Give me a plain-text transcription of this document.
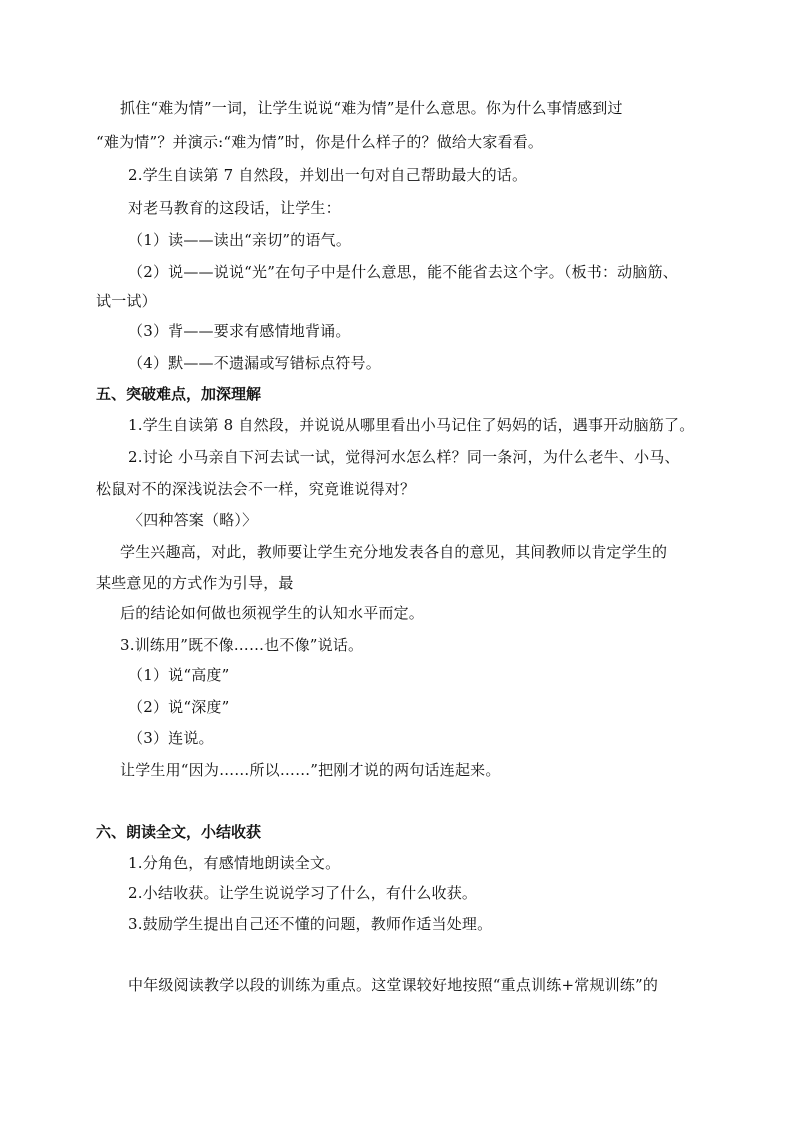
抓住“难为情”一词，让学生说说“难为情”是什么意思。你为什么事情感到过
“难为情”？并演示:“难为情”时，你是什么样子的？做给大家看看。
2.学生自读第 7 自然段，并划出一句对自己帮助最大的话。
对老马教育的这段话，让学生：
（1）读——读出“亲切”的语气。
（2）说——说说“光”在句子中是什么意思，能不能省去这个字。（板书：动脑筋、
试一试）
（3）背——要求有感情地背诵。
（4）默——不遗漏或写错标点符号。
五、突破难点，加深理解
1.学生自读第 8 自然段，并说说从哪里看出小马记住了妈妈的话，遇事开动脑筋了。
2.讨论 小马亲自下河去试一试，觉得河水怎么样？同一条河，为什么老牛、小马、
松鼠对不的深浅说法会不一样，究竟谁说得对？
〈四种答案（略）〉
学生兴趣高，对此，教师要让学生充分地发表各自的意见，其间教师以肯定学生的
某些意见的方式作为引导，最
后的结论如何做也须视学生的认知水平而定。
3.训练用”既不像……也不像”说话。
（1）说“高度”
（2）说“深度”
（3）连说。
让学生用“因为……所以……”把刚才说的两句话连起来。
六、朗读全文，小结收获
1.分角色，有感情地朗读全文。
2.小结收获。让学生说说学习了什么，有什么收获。
3.鼓励学生提出自己还不懂的问题，教师作适当处理。
中年级阅读教学以段的训练为重点。这堂课较好地按照“重点训练+常规训练”的
